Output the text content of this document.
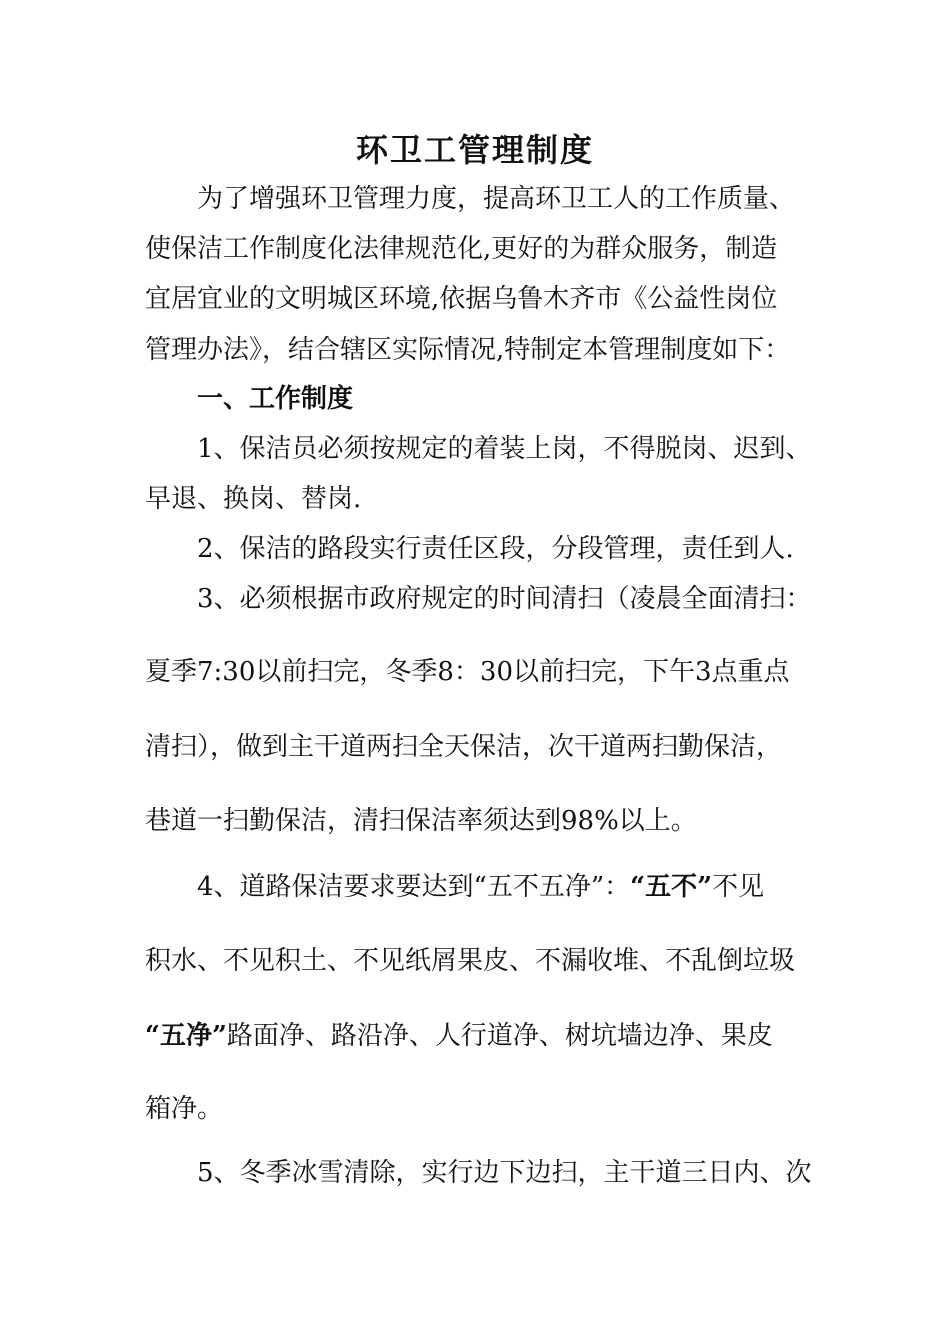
环卫工管理制度
为了增强环卫管理力度，提高环卫工人的工作质量、
使保洁工作制度化法律规范化,更好的为群众服务，制造
宜居宜业的文明城区环境,依据乌鲁木齐市《公益性岗位
管理办法》，结合辖区实际情况,特制定本管理制度如下：
一、工作制度
1、保洁员必须按规定的着装上岗，不得脱岗、迟到、
早退、换岗、替岗.
2、保洁的路段实行责任区段，分段管理，责任到人.
3、必须根据市政府规定的时间清扫（凌晨全面清扫：
夏季7:30以前扫完，冬季8：30以前扫完，下午3点重点
清扫），做到主干道两扫全天保洁，次干道两扫勤保洁，
巷道一扫勤保洁，清扫保洁率须达到98%以上。
4、道路保洁要求要达到“五不五净”：“五不”不见
积水、不见积土、不见纸屑果皮、不漏收堆、不乱倒垃圾
“五净”路面净、路沿净、人行道净、树坑墙边净、果皮
箱净。
5、冬季冰雪清除，实行边下边扫，主干道三日内、次
